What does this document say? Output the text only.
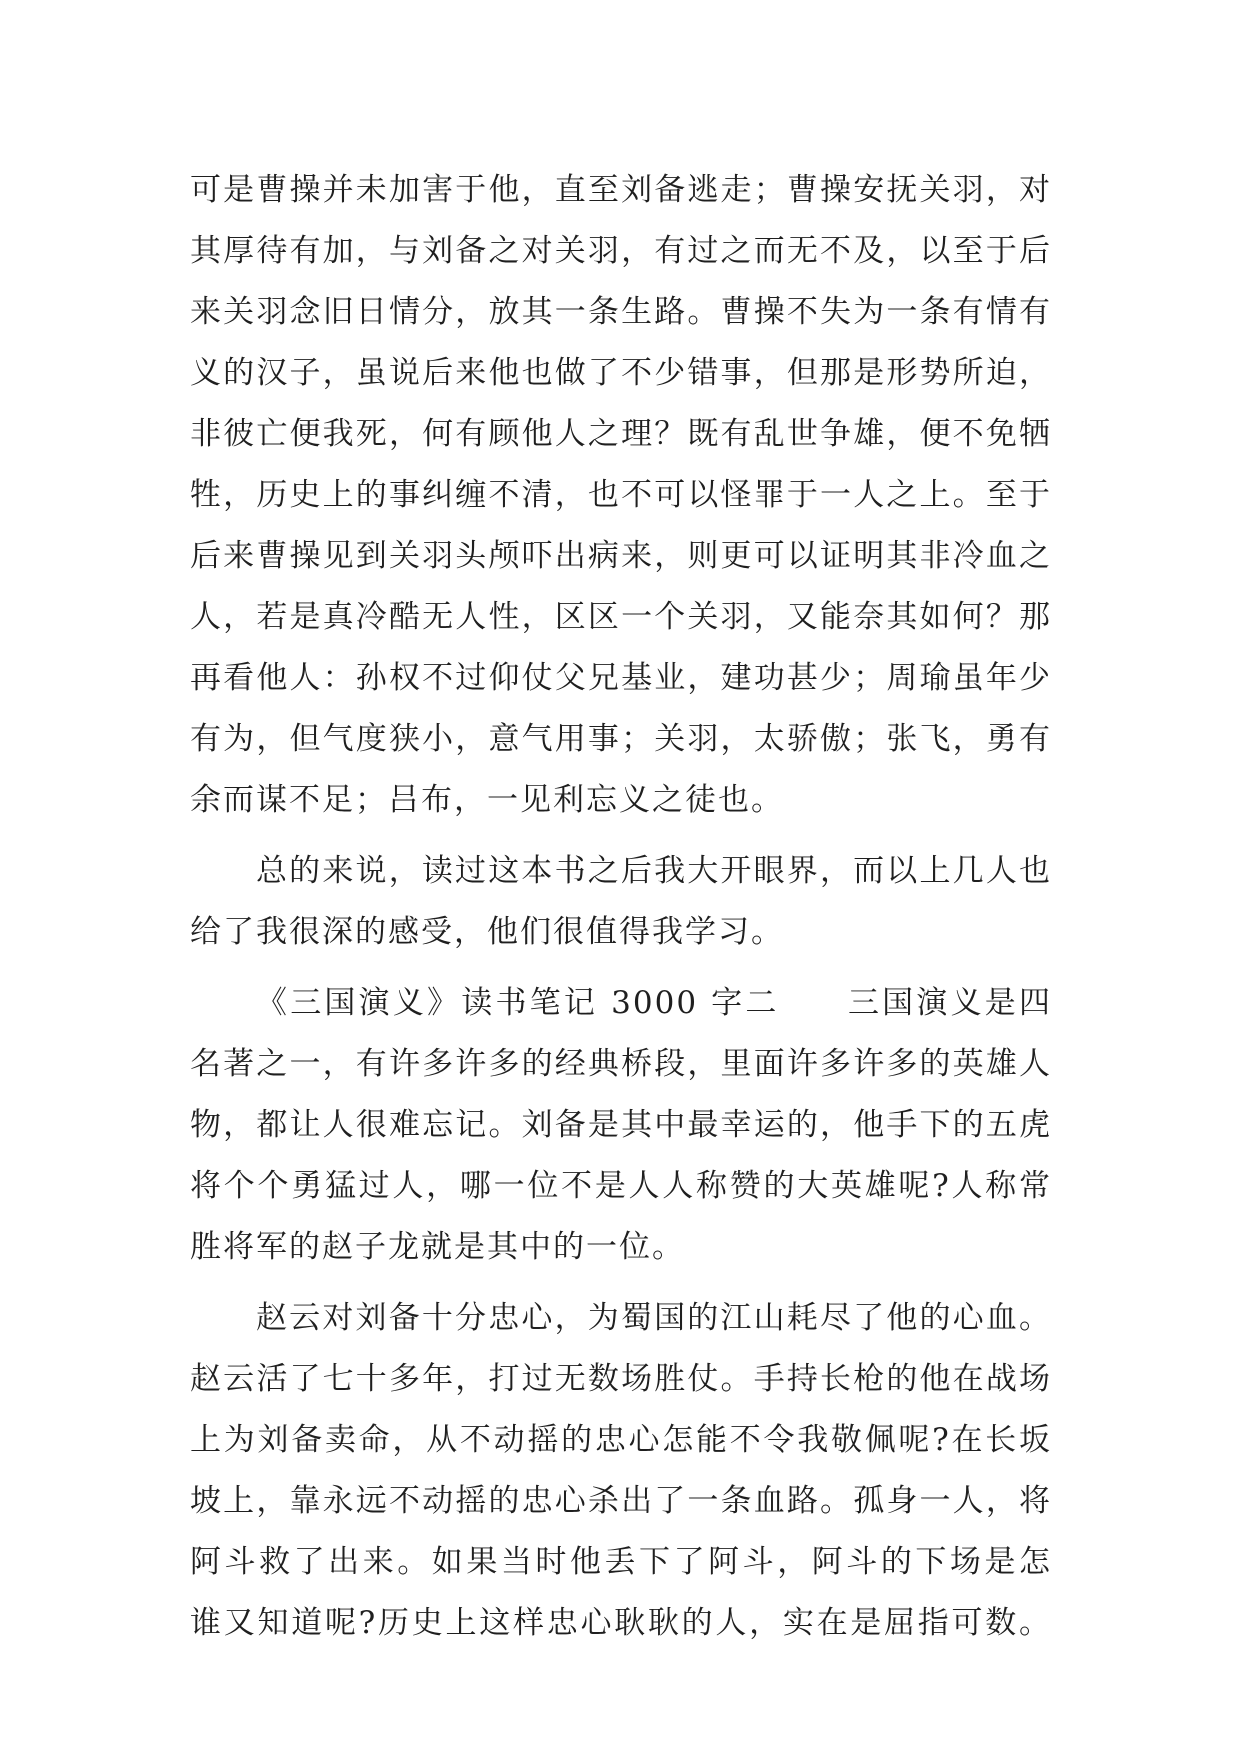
可是曹操并未加害于他，直至刘备逃走；曹操安抚关羽，对
其厚待有加，与刘备之对关羽，有过之而无不及，以至于后
来关羽念旧日情分，放其一条生路。曹操不失为一条有情有
义的汉子，虽说后来他也做了不少错事，但那是形势所迫，
非彼亡便我死，何有顾他人之理？既有乱世争雄，便不免牺
牲，历史上的事纠缠不清，也不可以怪罪于一人之上。至于
后来曹操见到关羽头颅吓出病来，则更可以证明其非冷血之
人，若是真冷酷无人性，区区一个关羽，又能奈其如何？那
再看他人：孙权不过仰仗父兄基业，建功甚少；周瑜虽年少
有为，但气度狭小，意气用事；关羽，太骄傲；张飞，勇有
余而谋不足；吕布，一见利忘义之徒也。
总的来说，读过这本书之后我大开眼界，而以上几人也
给了我很深的感受，他们很值得我学习。
《三国演义》读书笔记 3000 字二　　三国演义是四
名著之一，有许多许多的经典桥段，里面许多许多的英雄人
物，都让人很难忘记。刘备是其中最幸运的，他手下的五虎
将个个勇猛过人，哪一位不是人人称赞的大英雄呢?人称常
胜将军的赵子龙就是其中的一位。
赵云对刘备十分忠心，为蜀国的江山耗尽了他的心血。
赵云活了七十多年，打过无数场胜仗。手持长枪的他在战场
上为刘备卖命，从不动摇的忠心怎能不令我敬佩呢?在长坂
坡上，靠永远不动摇的忠心杀出了一条血路。孤身一人，将
阿斗救了出来。如果当时他丢下了阿斗，阿斗的下场是怎
谁又知道呢?历史上这样忠心耿耿的人，实在是屈指可数。
